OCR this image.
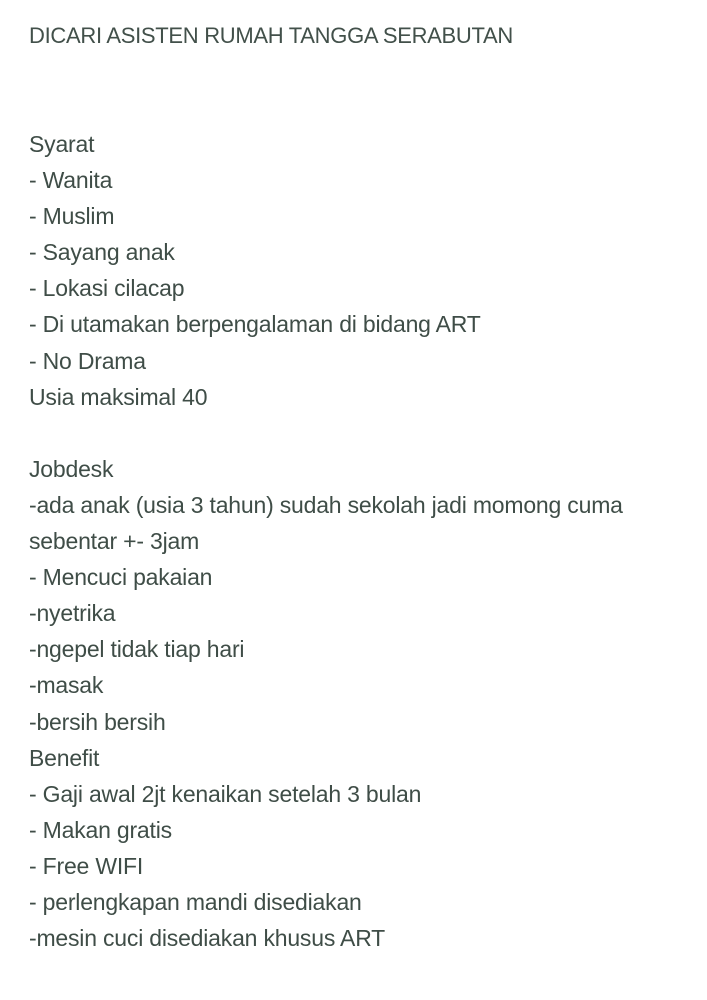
DICARI ASISTEN RUMAH TANGGA SERABUTAN
Syarat
- Wanita
- Muslim
- Sayang anak
- Lokasi cilacap
- Di utamakan berpengalaman di bidang ART
- No Drama
Usia maksimal 40
Jobdesk
-ada anak (usia 3 tahun) sudah sekolah jadi momong cuma sebentar +- 3jam
- Mencuci pakaian
-nyetrika
-ngepel tidak tiap hari
-masak
-bersih bersih
Benefit
- Gaji awal 2jt kenaikan setelah 3 bulan
- Makan gratis
- Free WIFI
- perlengkapan mandi disediakan
-mesin cuci disediakan khusus ART
